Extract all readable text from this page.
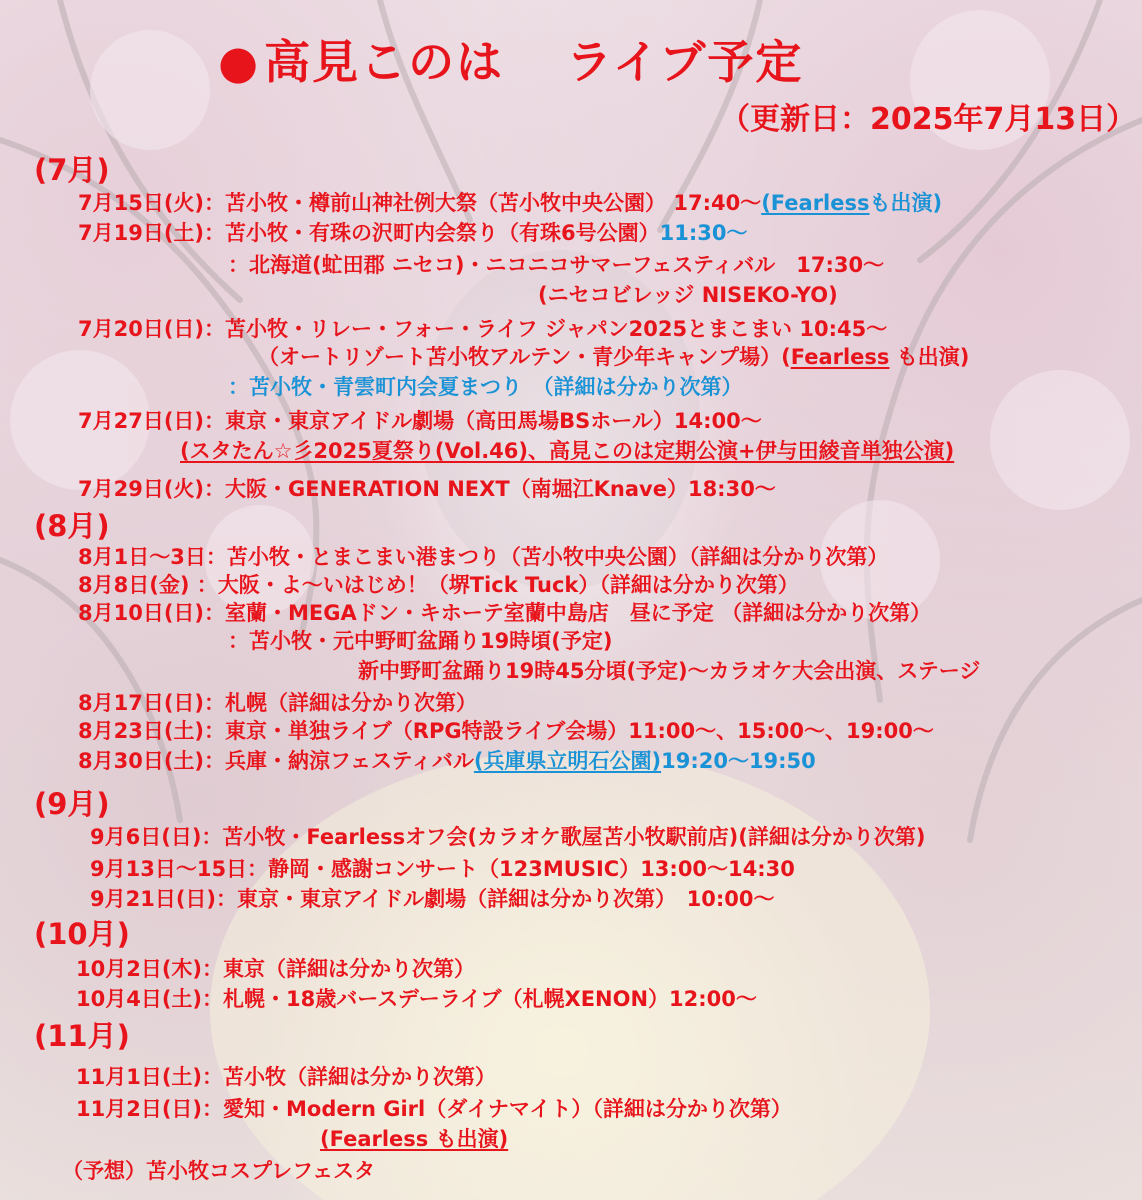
●高見このは ライブ予定
（更新日：2025年7月13日）
(7月)
7月15日(火)：苫小牧・樽前山神社例大祭（苫小牧中央公園） 17:40〜(Fearlessも出演)
7月19日(土)：苫小牧・有珠の沢町内会祭り（有珠6号公園）11:30〜
：北海道(虻田郡 ニセコ)・ニコニコサマーフェスティバル　17:30〜
(ニセコビレッジ NISEKO-YO)
7月20日(日)：苫小牧・リレー・フォー・ライフ ジャパン2025とまこまい 10:45〜
（オートリゾート苫小牧アルテン・青少年キャンプ場）(Fearless も出演)
：苫小牧・青雲町内会夏まつり　（詳細は分かり次第）
7月27日(日)：東京・東京アイドル劇場（高田馬場BSホール）14:00〜
(スタたん☆彡2025夏祭り(Vol.46)、高見このは定期公演+伊与田綾音単独公演)
7月29日(火)：大阪・GENERATION NEXT（南堀江Knave）18:30〜
(8月)
8月1日〜3日：苫小牧・とまこまい港まつり（苫小牧中央公園）（詳細は分かり次第）
8月8日(金) ：大阪・よ〜いはじめ！（堺Tick Tuck）（詳細は分かり次第）
8月10日(日)：室蘭・MEGAドン・キホーテ室蘭中島店　昼に予定 （詳細は分かり次第）
：苫小牧・元中野町盆踊り19時頃(予定)
新中野町盆踊り19時45分頃(予定)〜カラオケ大会出演、ステージ
8月17日(日)：札幌（詳細は分かり次第）
8月23日(土)：東京・単独ライブ（RPG特設ライブ会場）11:00〜、15:00〜、19:00〜
8月30日(土)：兵庫・納涼フェスティバル(兵庫県立明石公園)19:20〜19:50
(9月)
9月6日(日)：苫小牧・Fearlessオフ会(カラオケ歌屋苫小牧駅前店)(詳細は分かり次第)
9月13日〜15日：静岡・感謝コンサート（123MUSIC）13:00〜14:30
9月21日(日)：東京・東京アイドル劇場（詳細は分かり次第）　10:00〜
(10月)
10月2日(木)：東京（詳細は分かり次第）
10月4日(土)：札幌・18歳バースデーライブ（札幌XENON）12:00〜
(11月)
11月1日(土)：苫小牧（詳細は分かり次第）
11月2日(日)：愛知・Modern Girl（ダイナマイト）（詳細は分かり次第）
(Fearless も出演)
（予想）苫小牧コスプレフェスタ
